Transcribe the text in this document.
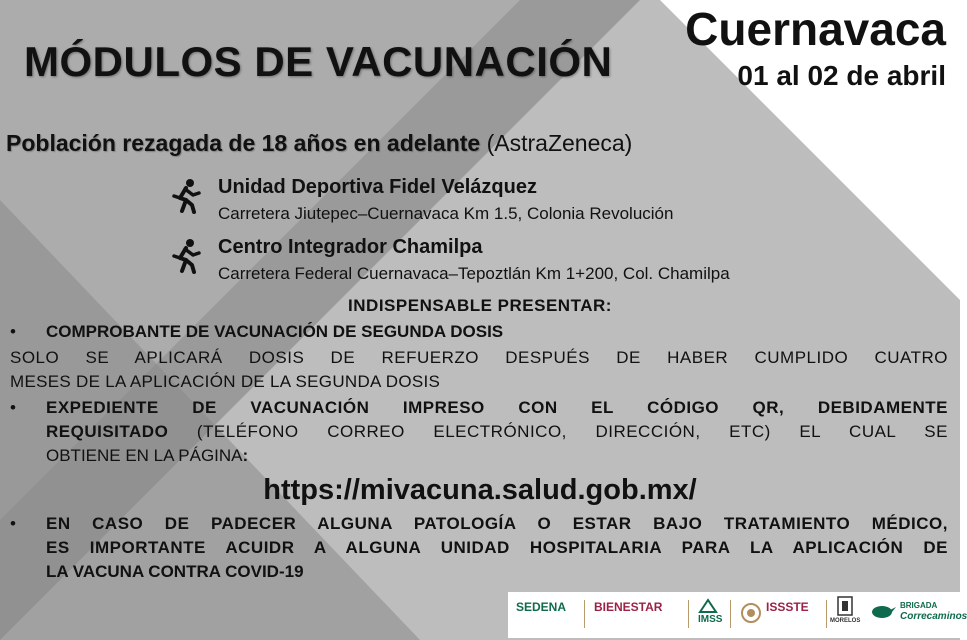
MÓDULOS DE VACUNACIÓN
Cuernavaca
01 al 02 de abril
Población rezagada de 18 años en adelante (AstraZeneca)
Unidad Deportiva Fidel Velázquez
Carretera Jiutepec–Cuernavaca Km 1.5, Colonia Revolución
Centro Integrador Chamilpa
Carretera Federal Cuernavaca–Tepoztlán Km 1+200, Col. Chamilpa
INDISPENSABLE PRESENTAR:
• COMPROBANTE DE VACUNACIÓN DE SEGUNDA DOSIS
SOLO SE APLICARÁ DOSIS DE REFUERZO DESPUÉS DE HABER CUMPLIDO CUATRO
MESES DE LA APLICACIÓN DE LA SEGUNDA DOSIS
• EXPEDIENTE DE VACUNACIÓN IMPRESO CON EL CÓDIGO QR, DEBIDAMENTE
REQUISITADO (TELÉFONO CORREO ELECTRÓNICO, DIRECCIÓN, ETC) EL CUAL SE
OBTIENE EN LA PÁGINA:
https://mivacuna.salud.gob.mx/
• EN CASO DE PADECER ALGUNA PATOLOGÍA O ESTAR BAJO TRATAMIENTO MÉDICO,
ES IMPORTANTE ACUIDR A ALGUNA UNIDAD HOSPITALARIA PARA LA APLICACIÓN DE
LA VACUNA CONTRA COVID-19
SEDENA BIENESTAR
IMSS
ISSSTE
MORELOS
BRIGADA
Correcaminos
